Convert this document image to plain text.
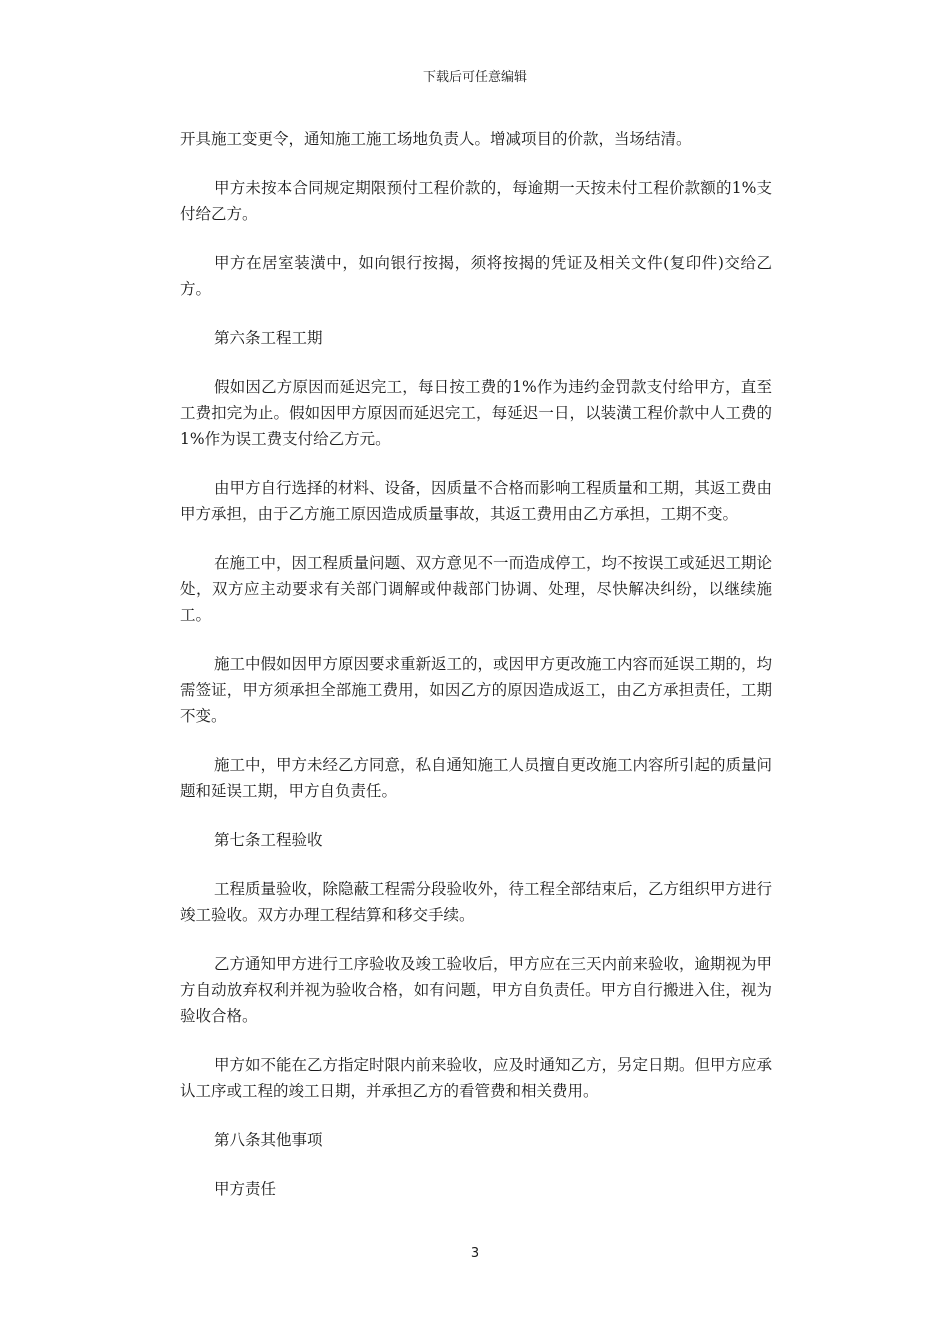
下载后可任意编辑

开具施工变更令，通知施工施工场地负责人。增减项目的价款，当场结清。

甲方未按本合同规定期限预付工程价款的，每逾期一天按未付工程价款额的1%支付给乙方。

甲方在居室装潢中，如向银行按揭，须将按揭的凭证及相关文件(复印件)交给乙方。

第六条工程工期

假如因乙方原因而延迟完工，每日按工费的1%作为违约金罚款支付给甲方，直至工费扣完为止。假如因甲方原因而延迟完工，每延迟一日，以装潢工程价款中人工费的1%作为误工费支付给乙方元。

由甲方自行选择的材料、设备，因质量不合格而影响工程质量和工期，其返工费由甲方承担，由于乙方施工原因造成质量事故，其返工费用由乙方承担，工期不变。

在施工中，因工程质量问题、双方意见不一而造成停工，均不按误工或延迟工期论处，双方应主动要求有关部门调解或仲裁部门协调、处理，尽快解决纠纷，以继续施工。

施工中假如因甲方原因要求重新返工的，或因甲方更改施工内容而延误工期的，均需签证，甲方须承担全部施工费用，如因乙方的原因造成返工，由乙方承担责任，工期不变。

施工中，甲方未经乙方同意，私自通知施工人员擅自更改施工内容所引起的质量问题和延误工期，甲方自负责任。

第七条工程验收

工程质量验收，除隐蔽工程需分段验收外，待工程全部结束后，乙方组织甲方进行竣工验收。双方办理工程结算和移交手续。

乙方通知甲方进行工序验收及竣工验收后，甲方应在三天内前来验收，逾期视为甲方自动放弃权利并视为验收合格，如有问题，甲方自负责任。甲方自行搬进入住，视为验收合格。

甲方如不能在乙方指定时限内前来验收，应及时通知乙方，另定日期。但甲方应承认工序或工程的竣工日期，并承担乙方的看管费和相关费用。

第八条其他事项

甲方责任

3
